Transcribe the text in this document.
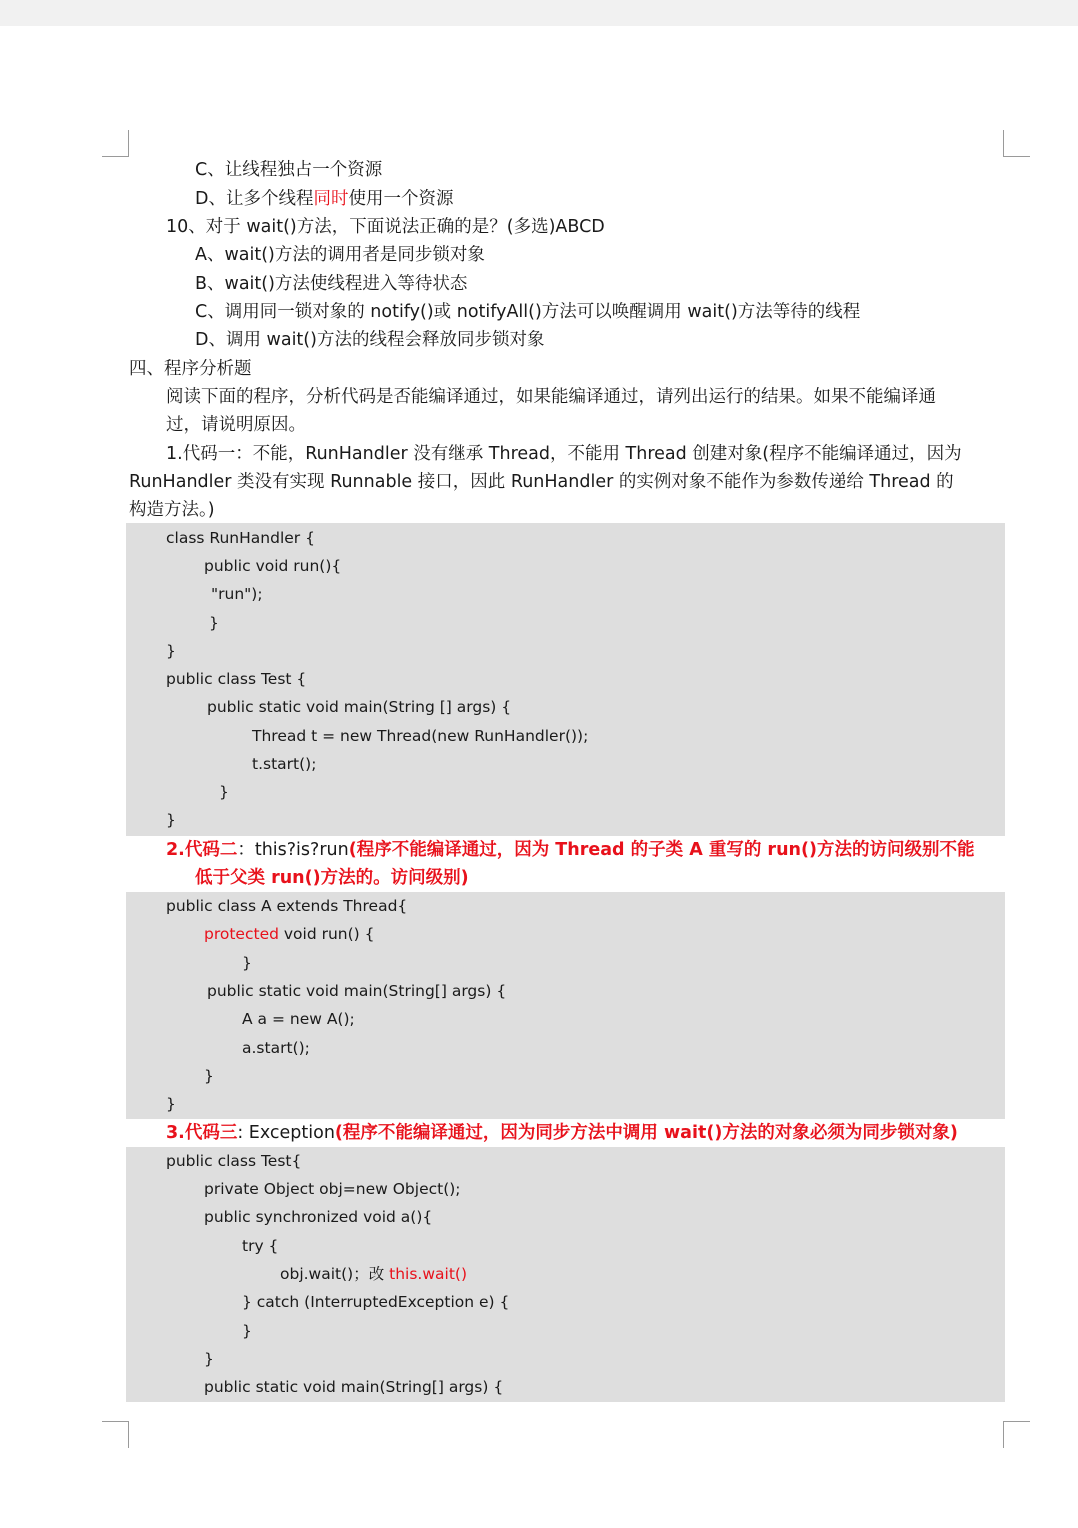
C、让线程独占一个资源
D、让多个线程同时使用一个资源
10、对于 wait()方法，下面说法正确的是？(多选)ABCD
A、wait()方法的调用者是同步锁对象
B、wait()方法使线程进入等待状态
C、调用同一锁对象的 notify()或 notifyAll()方法可以唤醒调用 wait()方法等待的线程
D、调用 wait()方法的线程会释放同步锁对象
四、程序分析题
阅读下面的程序，分析代码是否能编译通过，如果能编译通过，请列出运行的结果。如果不能编译通
过，请说明原因。
1.代码一：不能，RunHandler 没有继承 Thread，不能用 Thread 创建对象(程序不能编译通过，因为
RunHandler 类没有实现 Runnable 接口，因此 RunHandler 的实例对象不能作为参数传递给 Thread 的
构造方法。)
class RunHandler {
public void run(){
"run");
}
}
public class Test {
public static void main(String [] args) {
Thread t = new Thread(new RunHandler());
t.start();
}
}
2.代码二：this?is?run(程序不能编译通过，因为 Thread 的子类 A 重写的 run()方法的访问级别不能
低于父类 run()方法的。访问级别)
public class A extends Thread{
protected void run() {
}
public static void main(String[] args) {
A a = new A();
a.start();
}
}
3.代码三: Exception(程序不能编译通过，因为同步方法中调用 wait()方法的对象必须为同步锁对象)
public class Test{
private Object obj=new Object();
public synchronized void a(){
try {
obj.wait()；改 this.wait()
} catch (InterruptedException e) {
}
}
public static void main(String[] args) {
